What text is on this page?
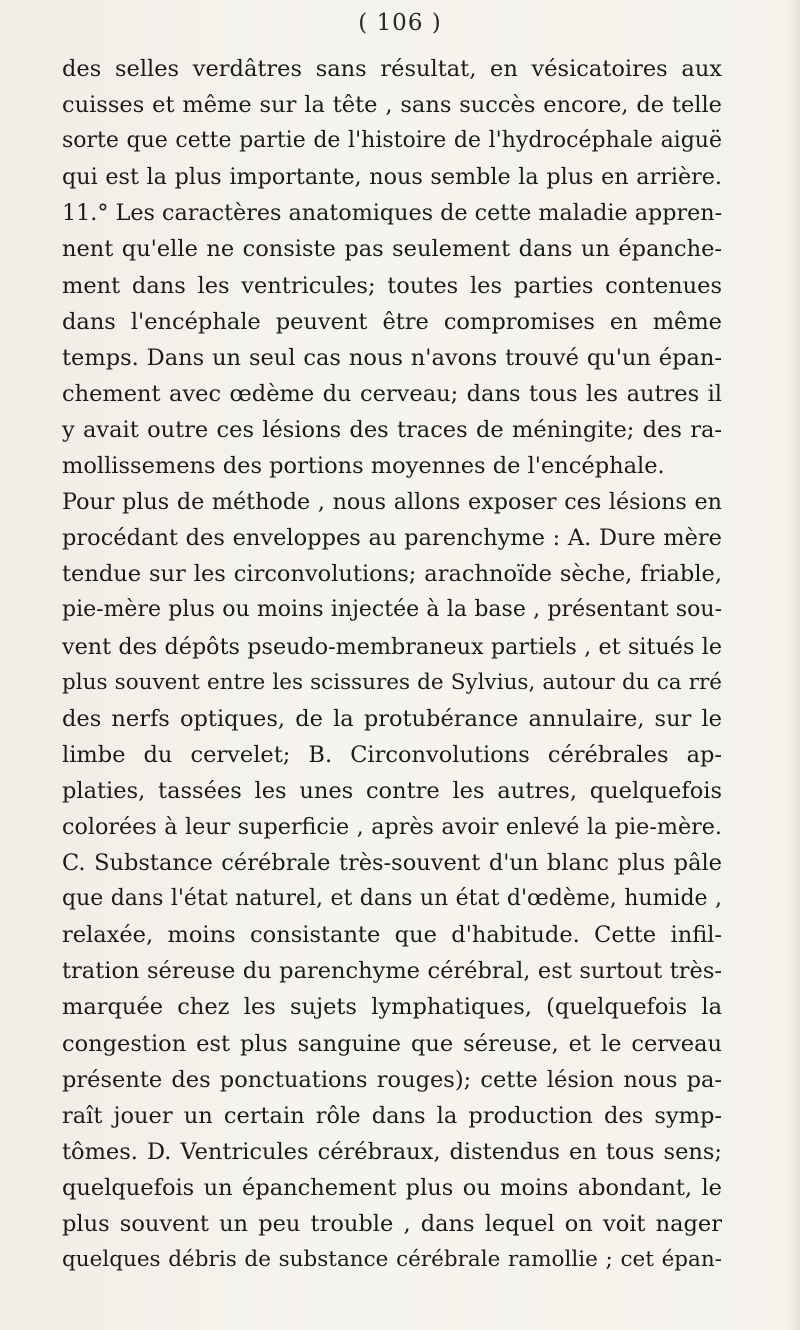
( 106 )
des selles verdâtres sans résultat, en vésicatoires aux
cuisses et même sur la tête , sans succès encore, de telle
sorte que cette partie de l'histoire de l'hydrocéphale aiguë
qui est la plus importante, nous semble la plus en arrière.
11.° Les caractères anatomiques de cette maladie appren-
nent qu'elle ne consiste pas seulement dans un épanche-
ment dans les ventricules; toutes les parties contenues
dans l'encéphale peuvent être compromises en même
temps. Dans un seul cas nous n'avons trouvé qu'un épan-
chement avec œdème du cerveau; dans tous les autres il
y avait outre ces lésions des traces de méningite; des ra-
mollissemens des portions moyennes de l'encéphale.
Pour plus de méthode , nous allons exposer ces lésions en
procédant des enveloppes au parenchyme : A. Dure mère
tendue sur les circonvolutions; arachnoïde sèche, friable,
pie-mère plus ou moins injectée à la base , présentant sou-
vent des dépôts pseudo-membraneux partiels , et situés le
plus souvent entre les scissures de Sylvius, autour du ca rré
des nerfs optiques, de la protubérance annulaire, sur le
limbe du cervelet; B. Circonvolutions cérébrales ap-
platies, tassées les unes contre les autres, quelquefois
colorées à leur superficie , après avoir enlevé la pie-mère.
C. Substance cérébrale très-souvent d'un blanc plus pâle
que dans l'état naturel, et dans un état d'œdème, humide ,
relaxée, moins consistante que d'habitude. Cette infil-
tration séreuse du parenchyme cérébral, est surtout très-
marquée chez les sujets lymphatiques, (quelquefois la
congestion est plus sanguine que séreuse, et le cerveau
présente des ponctuations rouges); cette lésion nous pa-
raît jouer un certain rôle dans la production des symp-
tômes. D. Ventricules cérébraux, distendus en tous sens;
quelquefois un épanchement plus ou moins abondant, le
plus souvent un peu trouble , dans lequel on voit nager
quelques débris de substance cérébrale ramollie ; cet épan-
